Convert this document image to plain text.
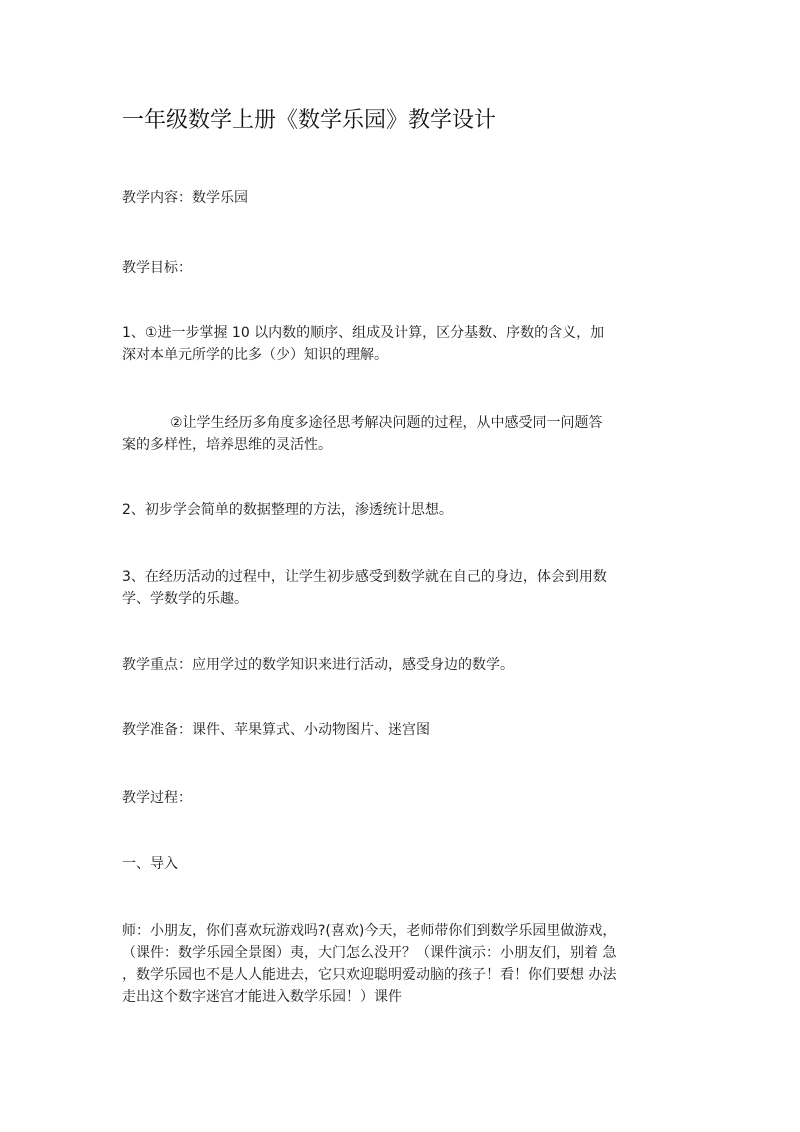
一年级数学上册《数学乐园》教学设计
教学内容：数学乐园
教学目标：
1、①进一步掌握 10 以内数的顺序、组成及计算，区分基数、序数的含义，加
深对本单元所学的比多（少）知识的理解。
②让学生经历多角度多途径思考解决问题的过程，从中感受同一问题答
案的多样性，培养思维的灵活性。
2、初步学会简单的数据整理的方法，渗透统计思想。
3、在经历活动的过程中，让学生初步感受到数学就在自己的身边，体会到用数
学、学数学的乐趣。
教学重点：应用学过的数学知识来进行活动，感受身边的数学。
教学准备：课件、苹果算式、小动物图片、迷宫图
教学过程：
一、导入
师：小朋友，你们喜欢玩游戏吗?(喜欢)今天，老师带你们到数学乐园里做游戏，
（课件：数学乐园全景图）夷，大门怎么没开？（课件演示：小朋友们，别着 急
，数学乐园也不是人人能进去，它只欢迎聪明爱动脑的孩子！看！你们要想 办法
走出这个数字迷宫才能进入数学乐园！）课件
